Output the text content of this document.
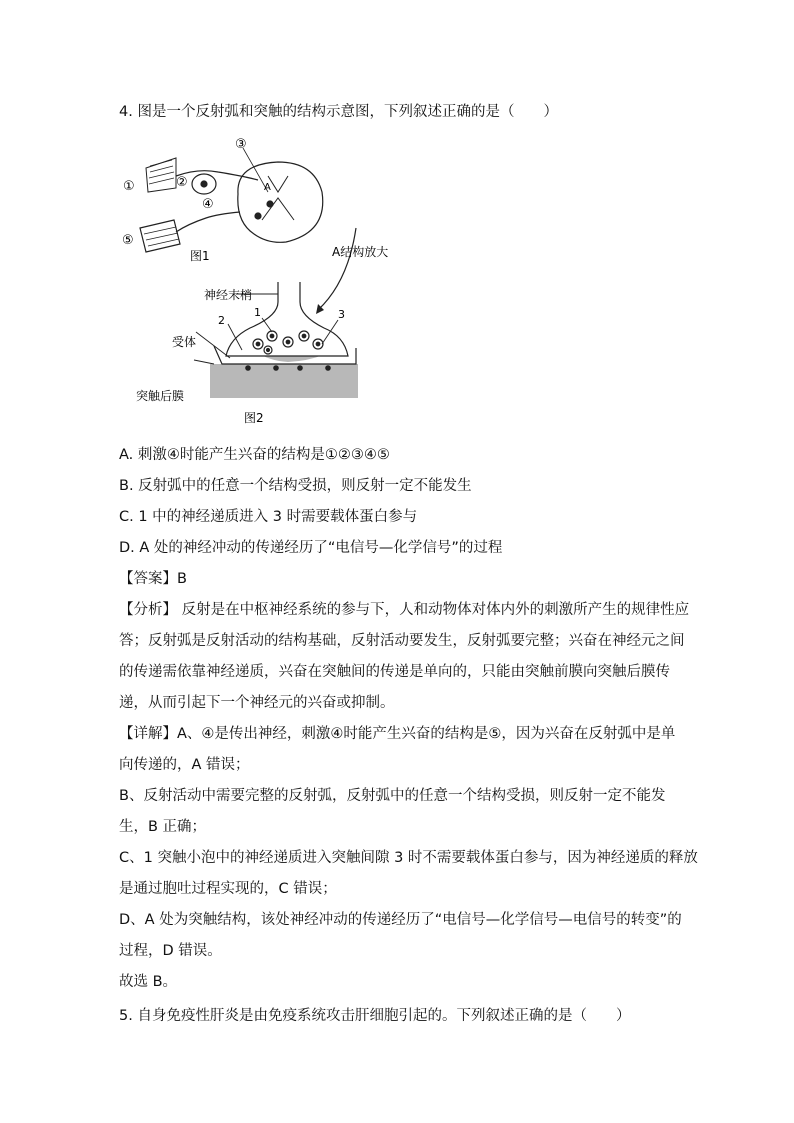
4. 图是一个反射弧和突触的结构示意图，下列叙述正确的是（　　）
①	②
③
④
⑤
A
图1	A结构放大
神经末梢
受体
突触后膜
图2
1
2	3
A. 刺激④时能产生兴奋的结构是①②③④⑤
B. 反射弧中的任意一个结构受损，则反射一定不能发生
C. 1 中的神经递质进入 3 时需要载体蛋白参与
D. A 处的神经冲动的传递经历了“电信号—化学信号”的过程
【答案】B
【分析】 反射是在中枢神经系统的参与下，人和动物体对体内外的刺激所产生的规律性应
答；反射弧是反射活动的结构基础，反射活动要发生，反射弧要完整；兴奋在神经元之间
的传递需依靠神经递质，兴奋在突触间的传递是单向的，只能由突触前膜向突触后膜传
递，从而引起下一个神经元的兴奋或抑制。
【详解】A、④是传出神经，刺激④时能产生兴奋的结构是⑤，因为兴奋在反射弧中是单
向传递的，A 错误；
B、反射活动中需要完整的反射弧，反射弧中的任意一个结构受损，则反射一定不能发
生，B 正确；
C、1 突触小泡中的神经递质进入突触间隙 3 时不需要载体蛋白参与，因为神经递质的释放
是通过胞吐过程实现的，C 错误；
D、A 处为突触结构，该处神经冲动的传递经历了“电信号—化学信号—电信号的转变”的
过程，D 错误。
故选 B。
5. 自身免疫性肝炎是由免疫系统攻击肝细胞引起的。下列叙述正确的是（　　）
